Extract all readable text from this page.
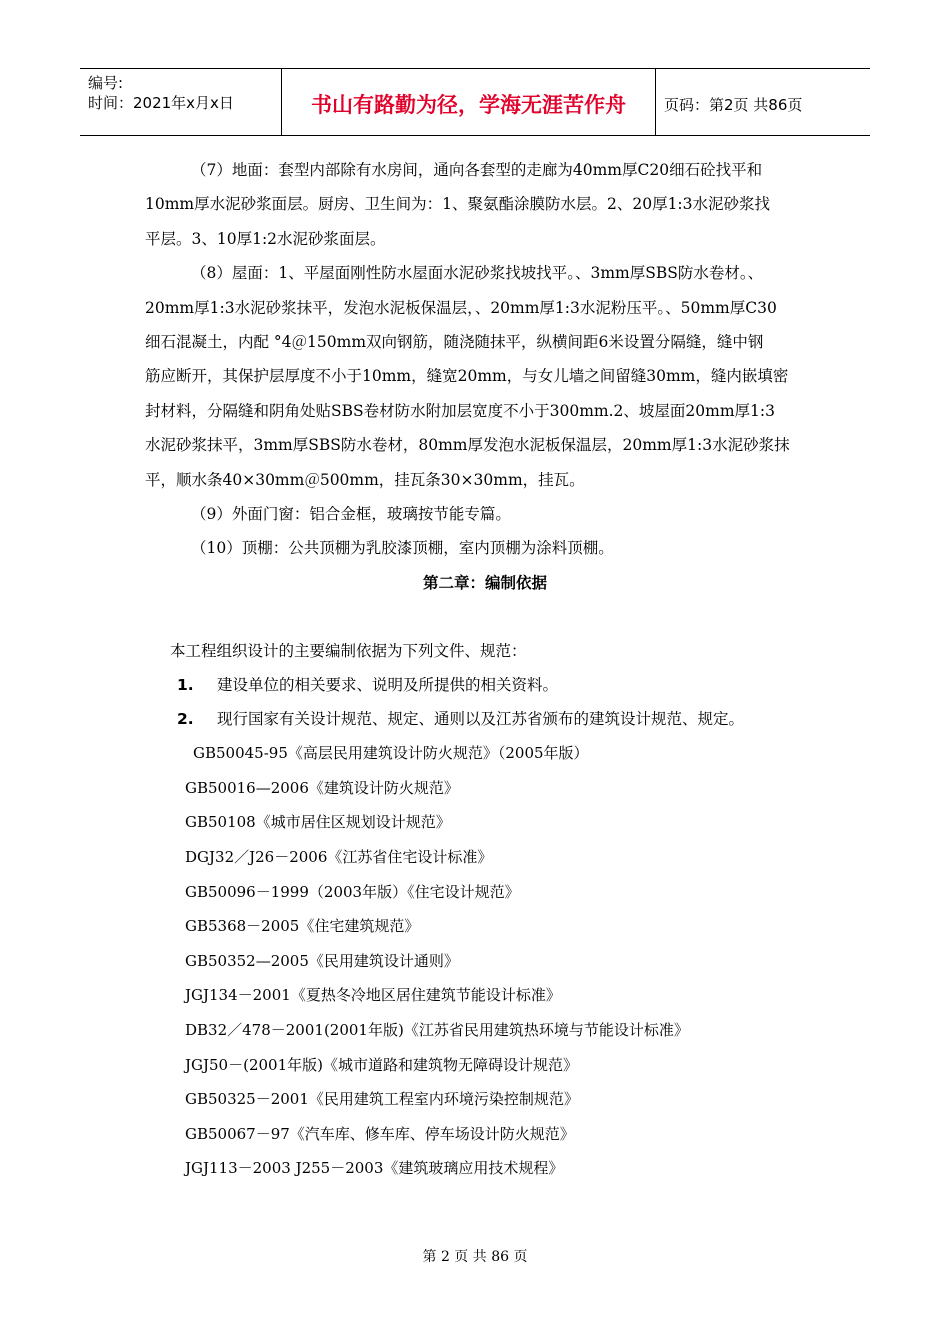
编号:
时间：2021年x月x日	书山有路勤为径，学海无涯苦作舟	页码：第2页 共86页

（7）地面：套型内部除有水房间，通向各套型的走廊为40mm厚C20细石砼找平和
10mm厚水泥砂浆面层。厨房、卫生间为：1、聚氨酯涂膜防水层。2、20厚1:3水泥砂浆找
平层。3、10厚1:2水泥砂浆面层。

（8）屋面：1、平屋面刚性防水屋面水泥砂浆找坡找平。、3mm厚SBS防水卷材。、
20mm厚1:3水泥砂浆抹平，发泡水泥板保温层，、20mm厚1:3水泥粉压平。、50mm厚C30
细石混凝土，内配 °4＠150mm双向钢筋，随浇随抹平，纵横间距6米设置分隔缝，缝中钢
筋应断开，其保护层厚度不小于10mm，缝宽20mm，与女儿墙之间留缝30mm，缝内嵌填密
封材料，分隔缝和阴角处贴SBS卷材防水附加层宽度不小于300mm.2、坡屋面20mm厚1:3
水泥砂浆抹平，3mm厚SBS防水卷材，80mm厚发泡水泥板保温层，20mm厚1:3水泥砂浆抹
平，顺水条40×30mm＠500mm，挂瓦条30×30mm，挂瓦。

（9）外面门窗：铝合金框，玻璃按节能专篇。

（10）顶棚：公共顶棚为乳胶漆顶棚，室内顶棚为涂料顶棚。

第二章：编制依据

本工程组织设计的主要编制依据为下列文件、规范：

1.	建设单位的相关要求、说明及所提供的相关资料。
2.	现行国家有关设计规范、规定、通则以及江苏省颁布的建筑设计规范、规定。

GB50045-95《高层民用建筑设计防火规范》（2005年版）

GB50016—2006《建筑设计防火规范》

GB50108《城市居住区规划设计规范》

DGJ32／J26－2006《江苏省住宅设计标准》

GB50096－1999（2003年版）《住宅设计规范》

GB5368－2005《住宅建筑规范》

GB50352—2005《民用建筑设计通则》

JGJ134－2001《夏热冬冷地区居住建筑节能设计标准》

DB32／478－2001(2001年版)《江苏省民用建筑热环境与节能设计标准》

JGJ50－(2001年版)《城市道路和建筑物无障碍设计规范》

GB50325－2001《民用建筑工程室内环境污染控制规范》

GB50067－97《汽车库、修车库、停车场设计防火规范》

JGJ113－2003 J255－2003《建筑玻璃应用技术规程》

第 2 页 共 86 页
